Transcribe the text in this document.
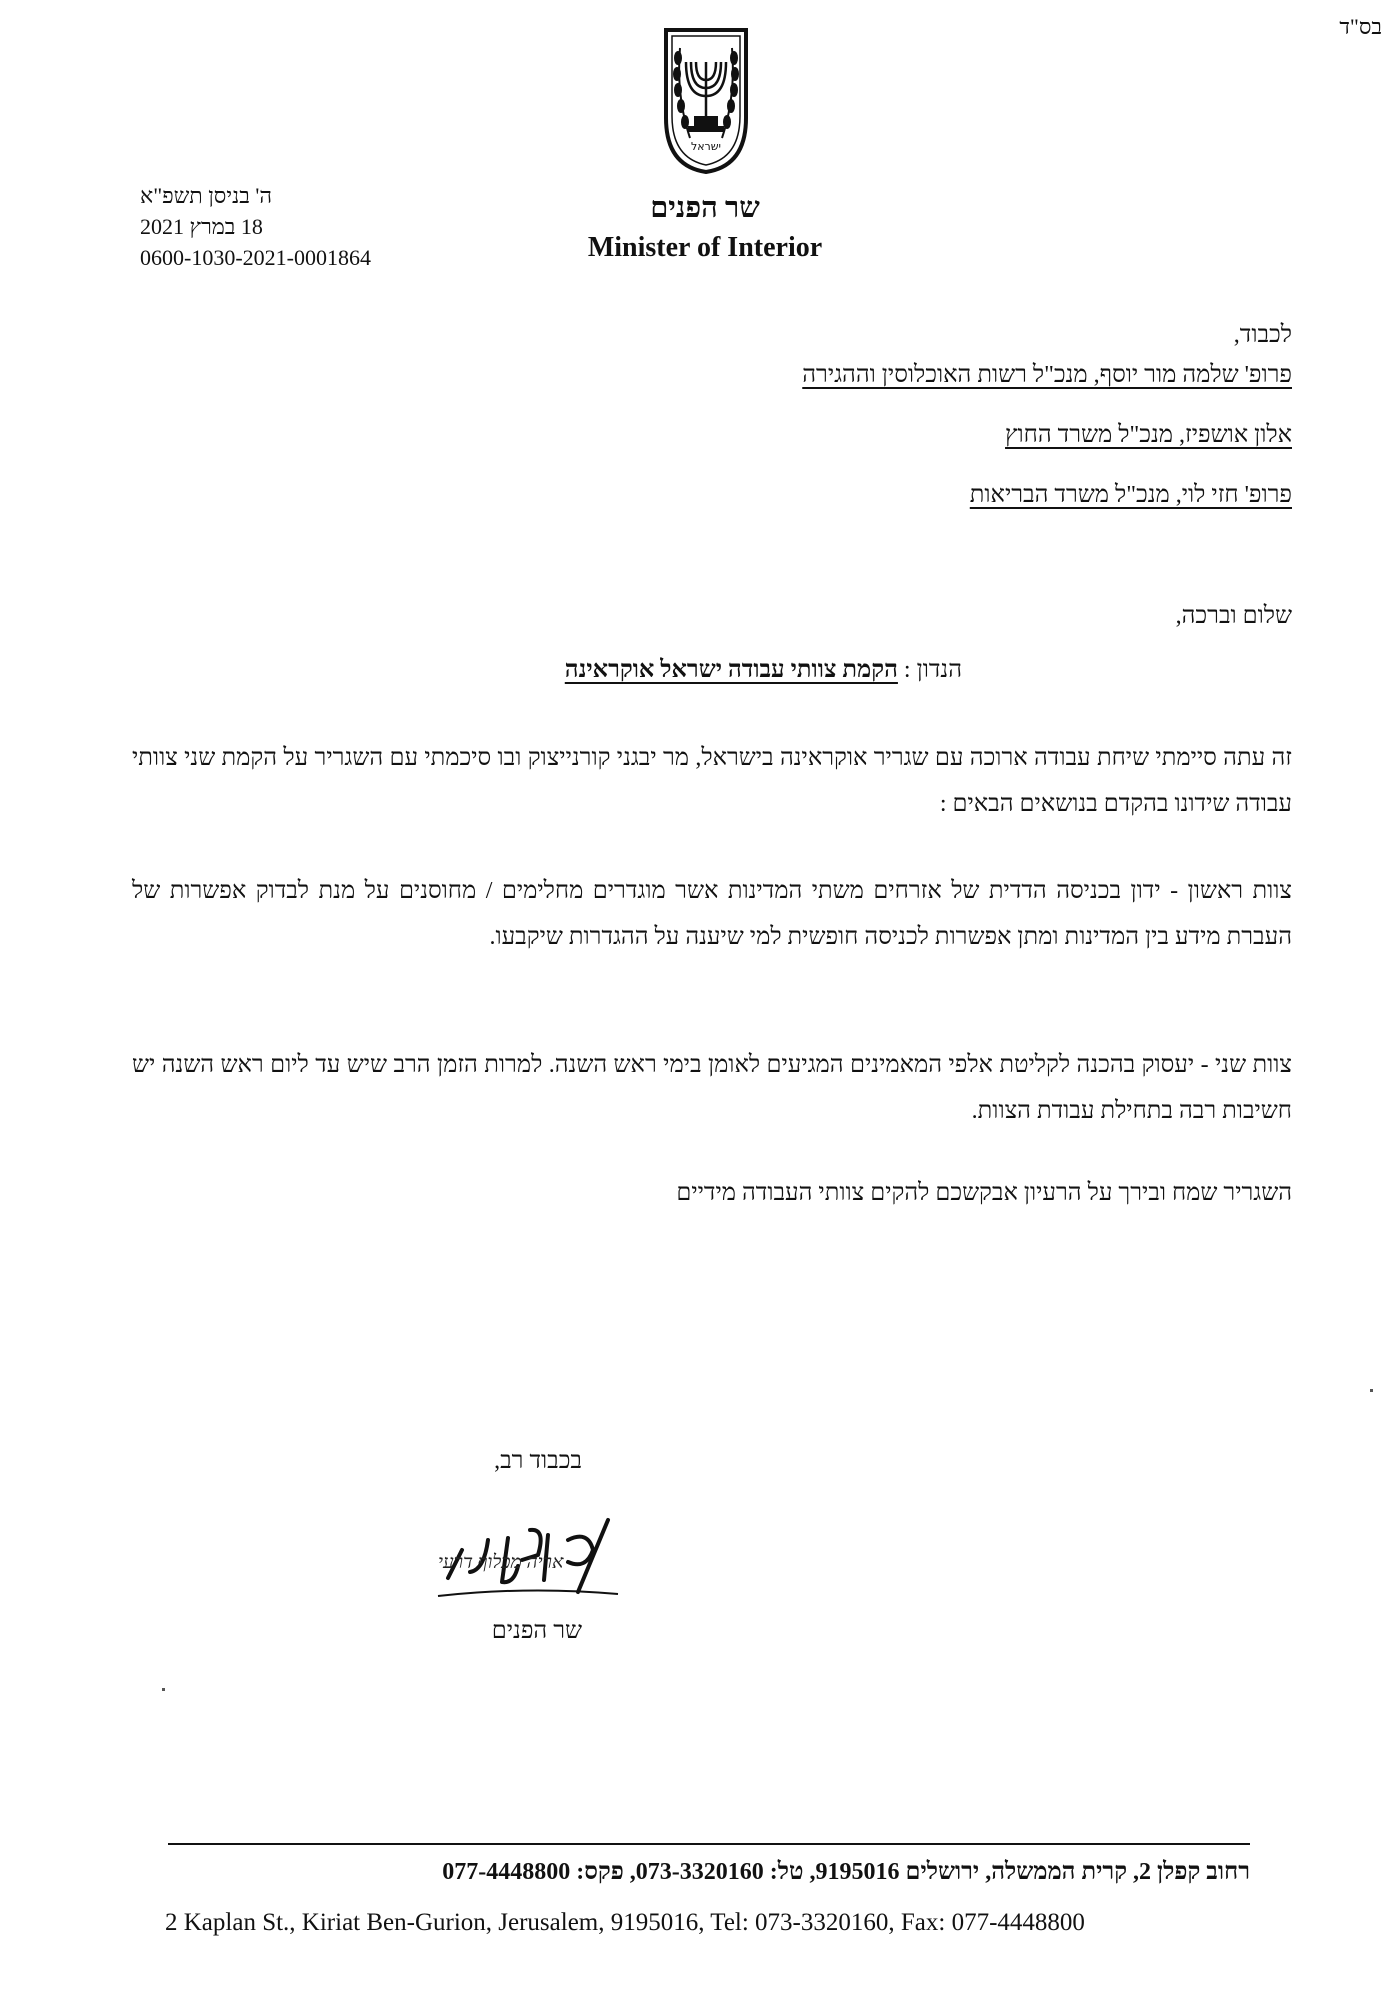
בס"ד
ישראל
שר הפנים
Minister of Interior
ה' בניסן תשפ"א
18 במרץ 2021
0600-1030-2021-0001864
לכבוד,
פרופ' שלמה מור יוסף, מנכ"ל רשות האוכלוסין וההגירה
אלון אושפיז, מנכ"ל משרד החוץ
פרופ' חזי לוי, מנכ"ל משרד הבריאות
שלום וברכה,
הנדון : הקמת צוותי עבודה ישראל אוקראינה
זה עתה סיימתי שיחת עבודה ארוכה עם שגריר אוקראינה בישראל, מר יבגני קורנייצוק ובו סיכמתי עם השגריר על הקמת שני צוותי עבודה שידונו בהקדם בנושאים הבאים :
צוות ראשון - ידון בכניסה הדדית של אזרחים משתי המדינות אשר מוגדרים מחלימים / מחוסנים על מנת לבדוק אפשרות של העברת מידע בין המדינות ומתן אפשרות לכניסה חופשית למי שיענה על ההגדרות שיקבעו.
צוות שני - יעסוק בהכנה לקליטת אלפי המאמינים המגיעים לאומן בימי ראש השנה. למרות הזמן הרב שיש עד ליום ראש השנה יש חשיבות רבה בתחילת עבודת הצוות.
השגריר שמח ובירך על הרעיון אבקשכם להקים צוותי העבודה מידיים
בכבוד רב,
אריה מכלוף דרעי
שר הפנים
רחוב קפלן 2, קרית הממשלה, ירושלים 9195016, טל: 073-3320160, פקס: 077-4448800
2 Kaplan St., Kiriat Ben-Gurion, Jerusalem, 9195016, Tel: 073-3320160, Fax: 077-4448800
